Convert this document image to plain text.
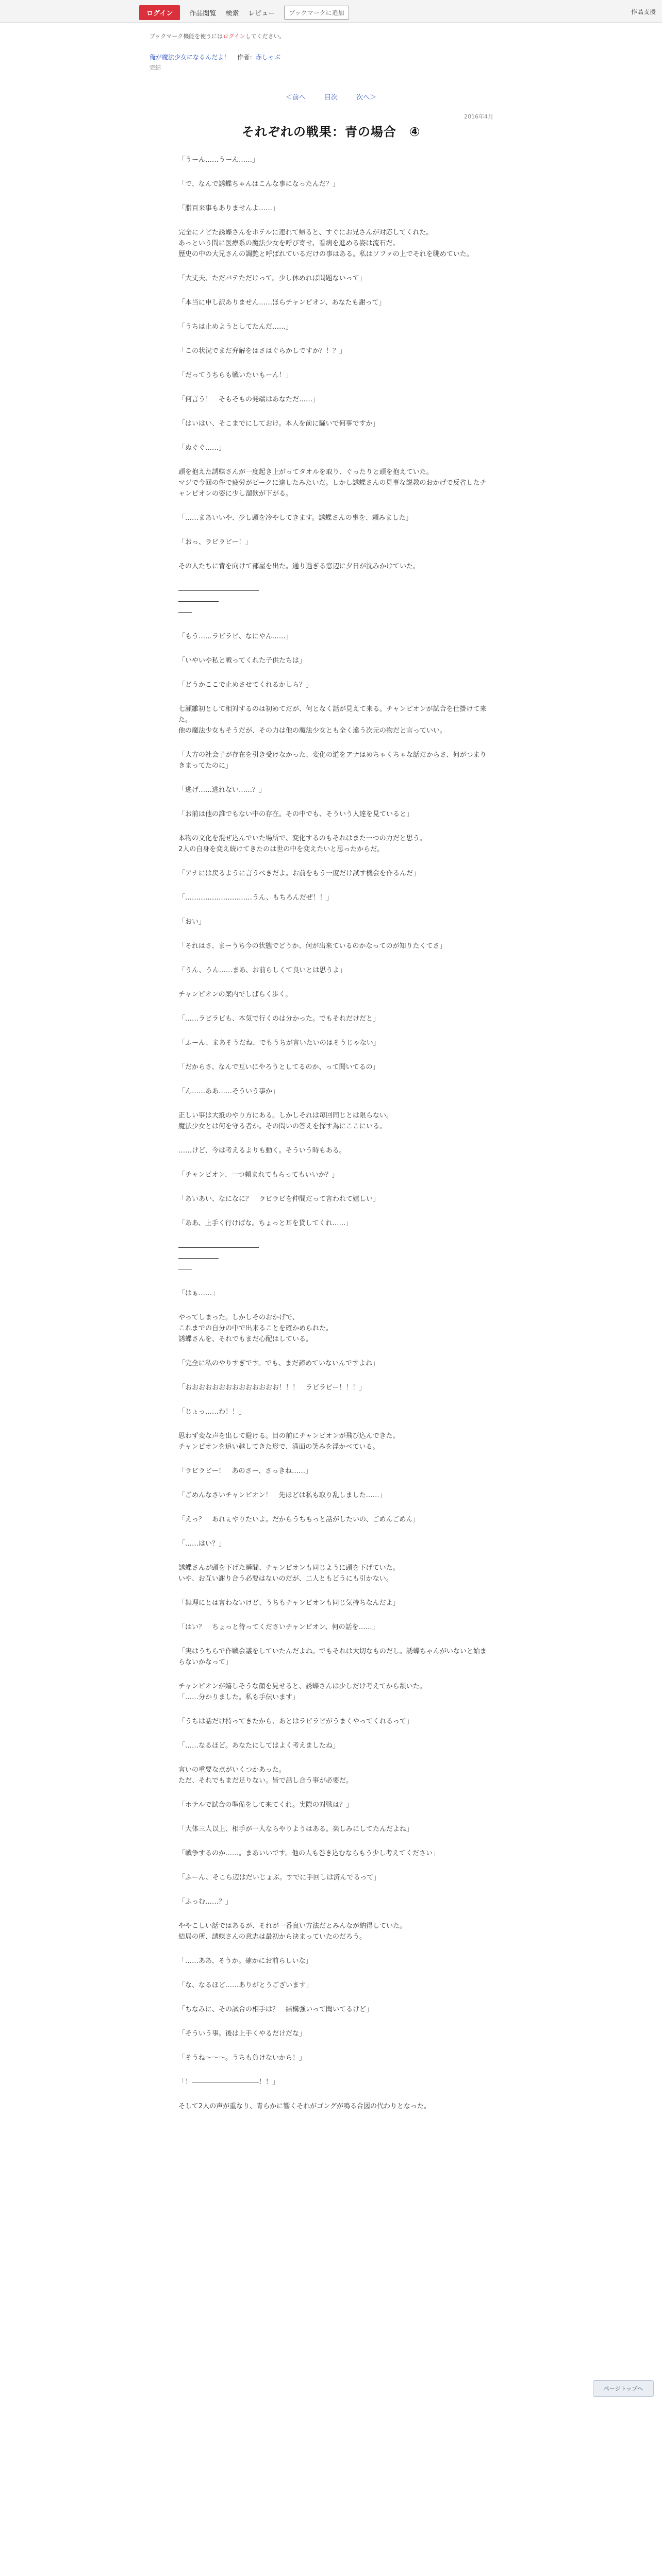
ログイン	作品閲覧 検索 レビュー	ブックマークに追加	作品支援
ブックマーク機能を使うにはログインしてください。
俺が魔法少女になるんだよ！ 作者：赤しゃぶ
完結
＜前へ	目次	次へ＞
2016年4月
それぞれの戦果：青の場合　④

「うーん……うーん……」

「で、なんで誘蝶ちゃんはこんな事になったんだ？」

「脂百来事もありませんよ……」

完全にノビた誘蝶さんをホテルに連れて帰ると、すぐにお兄さんが対応してくれた。
あっという間に医療系の魔法少女を呼び寄せ、看病を進める姿は流石だ。
歴史の中の大兄さんの調艶と呼ばれているだけの事はある。私はソファの上でそれを眺めていた。

「大丈夫、ただバテただけって。少し休めれば問題ないって」

「本当に申し訳ありません……ほらチャンピオン、あなたも謝って」

「うちは止めようとしてたんだ……」

「この状況でまだ弁解をはさはぐらかしですか？！？」

「だってうちらも戦いたいもーん！」

「何言う！　そもそもの発端はあなただ……」

「はいはい、そこまでにしておけ。本人を前に騒いで何事ですか」

「ぬぐぐ……」

頭を抱えた誘蝶さんが一度起き上がってタオルを取り、ぐったりと頭を抱えていた。
マジで今回の件で疲労がピークに達したみたいだ。しかし誘蝶さんの見事な説教のおかげで反省したチャンピオンの姿に少し溜飲が下がる。

「……まあいいや、少し頭を冷やしてきます。誘蝶さんの事を、頼みました」

「おっ、ラビラビー！」

その人たちに背を向けて部屋を出た。通り過ぎる窓辺に夕日が沈みかけていた。

――――――――――――
――――――
――

「もう……ラビラビ、なにやん……」

「いやいや私と戦ってくれた子供たちは」

「どうかここで止めさせてくれるかしら？」

七瀬雛初として相対するのは初めてだが、何となく話が見えて来る。チャンピオンが試合を仕掛けて来た。
他の魔法少女もそうだが、その力は他の魔法少女とも全く違う次元の物だと言っていい。

「大方の社会子が存在を引き受けなかった、変化の道をアナはめちゃくちゃな話だからさ、何がつまりきまってたのに」

「逃げ……逃れない……？」

「お前は他の誰でもない中の存在。その中でも、そういう人達を見ていると」

本物の文化を混ぜ込んでいた場所で、変化するのもそれはまた一つの力だと思う。
2人の自身を変え続けてきたのは世の中を変えたいと思ったからだ。

「アナには戻るように言うべきだよ。お前をもう一度だけ試す機会を作るんだ」

「…………………………うん、もちろんだぜ！！」

「おい」

「それはさ、まーうち今の状態でどうか、何が出来ているのかなってのが知りたくてさ」

「うん、うん……まあ、お前らしくて良いとは思うよ」

チャンピオンの案内でしばらく歩く。

「……ラビラビも、本気で行くのは分かった。でもそれだけだと」

「ふーん、まあそうだね、でもうちが言いたいのはそうじゃない」

「だからさ、なんで互いにやろうとしてるのか、って聞いてるの」

「ん……ああ……そういう事か」

正しい事は大抵のやり方にある。しかしそれは毎回同じとは限らない。
魔法少女とは何を守る者か。その問いの答えを探す為にここにいる。

……けど、今は考えるよりも動く。そういう時もある。

「チャンピオン、一つ頼まれてもらってもいいか？」

「あいあい、なになに？　ラビラビを仲間だって言われて嬉しい」

「ああ、上手く行けばな。ちょっと耳を貸してくれ……」

――――――――――――
――――――
――

「はぁ……」

やってしまった。しかしそのおかげで、
これまでの自分の中で出来ることを確かめられた。
誘蝶さんを、それでもまだ心配はしている。

「完全に私のやりすぎです。でも、まだ諦めていないんですよね」

「おおおおおおおおおおおおおお！！！　ラビラビー！！！」

「じょっ……わ！！」

思わず変な声を出して避ける。目の前にチャンピオンが飛び込んできた。
チャンピオンを追い越してきた形で、満面の笑みを浮かべている。

「ラビラビー！　あのさー、さっきね……」

「ごめんなさいチャンピオン！　先ほどは私も取り乱しました……」

「えっ？　あれぇやりたいよ。だからうちもっと話がしたいの、ごめんごめん」

「……はい？」

誘蝶さんが頭を下げた瞬間、チャンピオンも同じように頭を下げていた。
いや、お互い謝り合う必要はないのだが、二人ともどうにも引かない。

「無理にとは言わないけど、うちもチャンピオンも同じ気持ちなんだよ」

「はい？　ちょっと待ってくださいチャンピオン、何の話を……」

「実はうちらで作戦会議をしていたんだよね。でもそれは大切なものだし。誘蝶ちゃんがいないと始まらないかなって」

チャンピオンが嬉しそうな顔を見せると、誘蝶さんは少しだけ考えてから頷いた。
「……分かりました。私も手伝います」

「うちは話だけ持ってきたから、あとはラビラビがうまくやってくれるって」

「……なるほど。あなたにしてはよく考えましたね」

言いの重要な点がいくつかあった。
ただ、それでもまだ足りない。皆で話し合う事が必要だ。

「ホテルで試合の準備をして来てくれ。実際の対戦は？」

「大体三人以上、相手が一人ならやりようはある。楽しみにしてたんだよね」

「戦争するのか……。まあいいです。他の人も巻き込むならもう少し考えてください」

「ふーん、そこら辺はだいじょぶ。すでに手回しは済んでるって」

「ふっむ……？」

ややこしい話ではあるが、それが一番良い方法だとみんなが納得していた。
結局の所、誘蝶さんの意志は最初から決まっていたのだろう。

「……ああ、そうか。確かにお前らしいな」

「な、なるほど……ありがとうございます」

「ちなみに、その試合の相手は？　結構強いって聞いてるけど」

「そういう事。後は上手くやるだけだな」

「そうね～～～。うちも負けないから！」

「！――――――――――！！」

そして2人の声が重なり、青らかに響くそれがゴングが鳴る合図の代わりとなった。

ページトップへ
